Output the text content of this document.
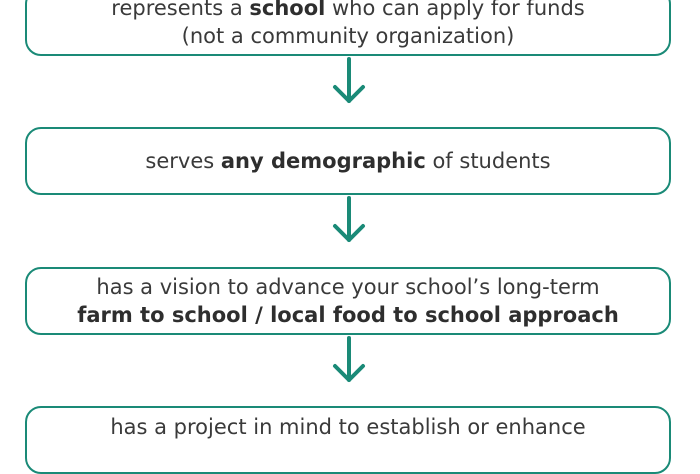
represents a school who can apply for funds
(not a community organization)
serves any demographic of students
has a vision to advance your school’s long-term
farm to school / local food to school approach
has a project in mind to establish or enhance
